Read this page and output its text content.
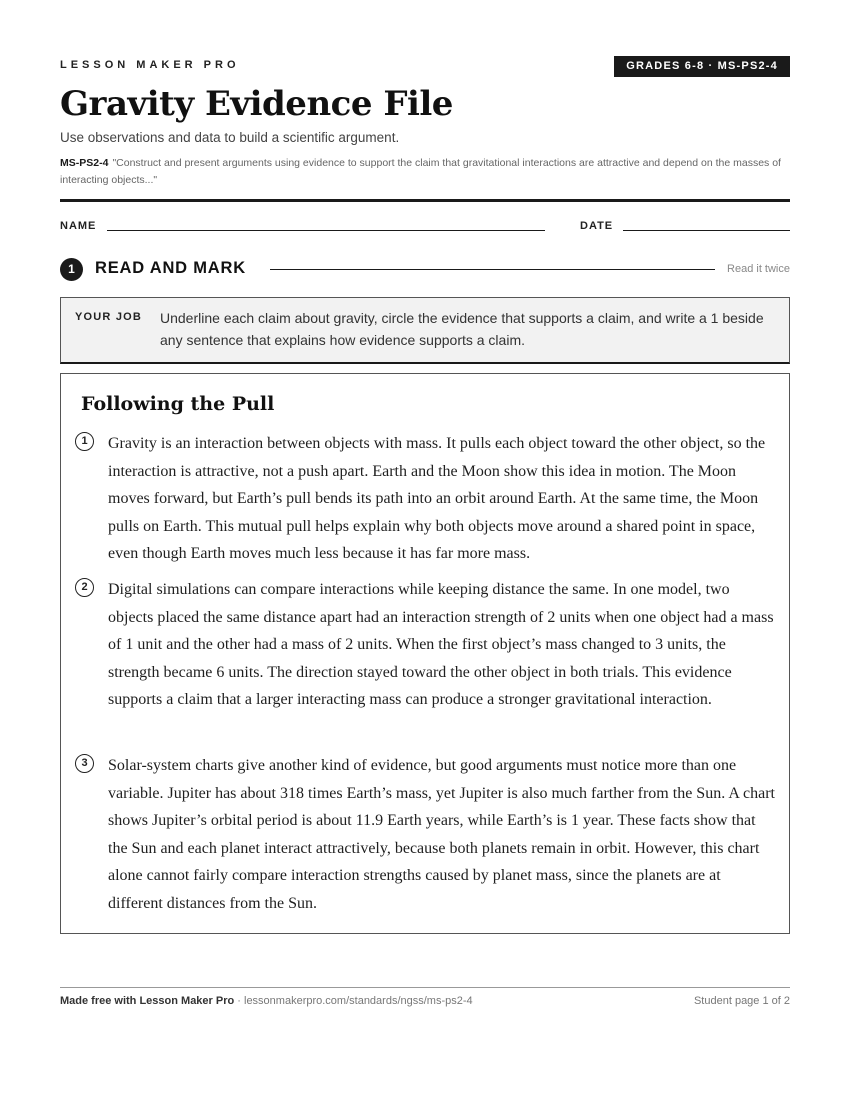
LESSON MAKER PRO	GRADES 6-8 · MS-PS2-4
Gravity Evidence File
Use observations and data to build a scientific argument.
MS-PS2-4 "Construct and present arguments using evidence to support the claim that gravitational interactions are attractive and depend on the masses of interacting objects..."
NAME	DATE
1	READ AND MARK	Read it twice
YOUR JOB Underline each claim about gravity, circle the evidence that supports a claim, and write a 1 beside any sentence that explains how evidence supports a claim.
Following the Pull
1	Gravity is an interaction between objects with mass. It pulls each object toward the other object, so the interaction is attractive, not a push apart. Earth and the Moon show this idea in motion. The Moon moves forward, but Earth’s pull bends its path into an orbit around Earth. At the same time, the Moon pulls on Earth. This mutual pull helps explain why both objects move around a shared point in space, even though Earth moves much less because it has far more mass.

2	Digital simulations can compare interactions while keeping distance the same. In one model, two objects placed the same distance apart had an interaction strength of 2 units when one object had a mass of 1 unit and the other had a mass of 2 units. When the first object’s mass changed to 3 units, the strength became 6 units. The direction stayed toward the other object in both trials. This evidence supports a claim that a larger interacting mass can produce a stronger gravitational interaction.

3	Solar-system charts give another kind of evidence, but good arguments must notice more than one variable. Jupiter has about 318 times Earth’s mass, yet Jupiter is also much farther from the Sun. A chart shows Jupiter’s orbital period is about 11.9 Earth years, while Earth’s is 1 year. These facts show that the Sun and each planet interact attractively, because both planets remain in orbit. However, this chart alone cannot fairly compare interaction strengths caused by planet mass, since the planets are at different distances from the Sun.

Made free with Lesson Maker Pro · lessonmakerpro.com/standards/ngss/ms-ps2-4	Student page 1 of 2
